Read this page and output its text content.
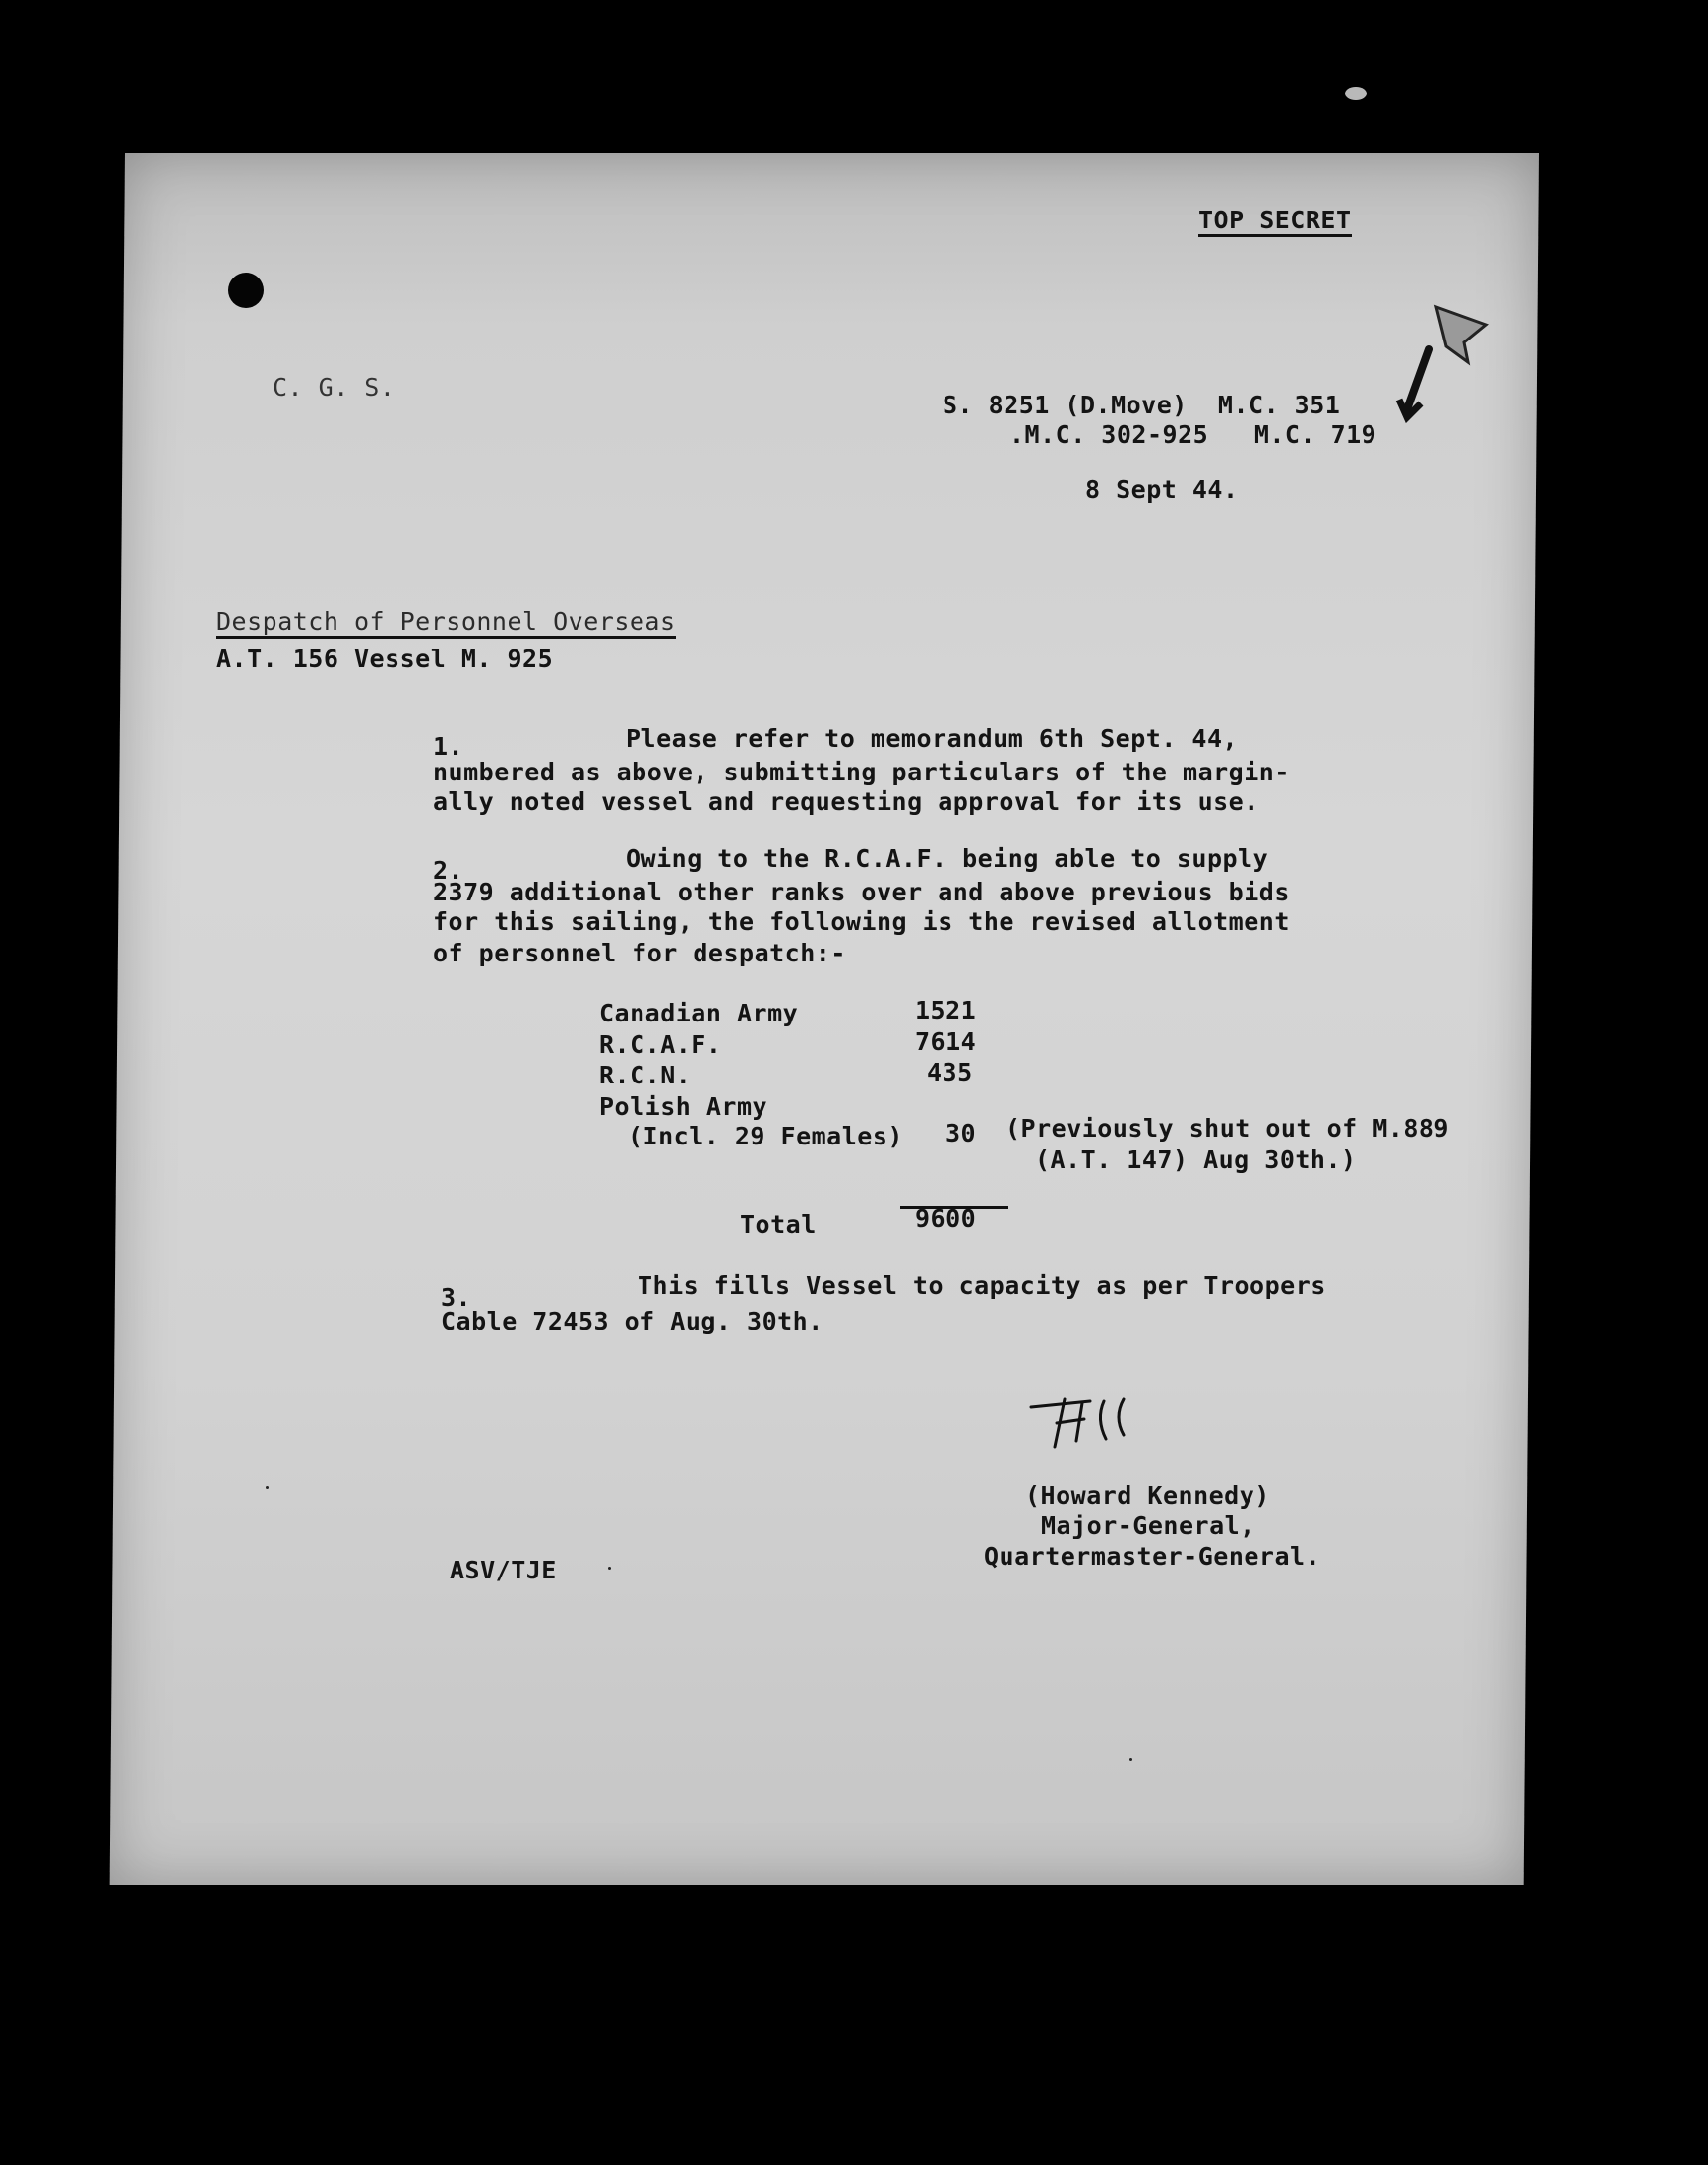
TOP SECRET
C. G. S.
S. 8251 (D.Move)  M.C. 351
.M.C. 302-925   M.C. 719
8 Sept 44.
Despatch of Personnel Overseas
A.T. 156 Vessel M. 925
1.	Please refer to memorandum 6th Sept. 44,
numbered as above, submitting particulars of the margin-
ally noted vessel and requesting approval for its use.
2.	Owing to the R.C.A.F. being able to supply
2379 additional other ranks over and above previous bids
for this sailing, the following is the revised allotment
of personnel for despatch:-
Canadian Army	1521
R.C.A.F.	7614
R.C.N.	435
Polish Army
(Incl. 29 Females) 30 (Previously shut out of M.889
(A.T. 147) Aug 30th.)
Total	9600
3.	This fills Vessel to capacity as per Troopers
Cable 72453 of Aug. 30th.
(Howard Kennedy)
Major-General,
Quartermaster-General.
ASV/TJE
